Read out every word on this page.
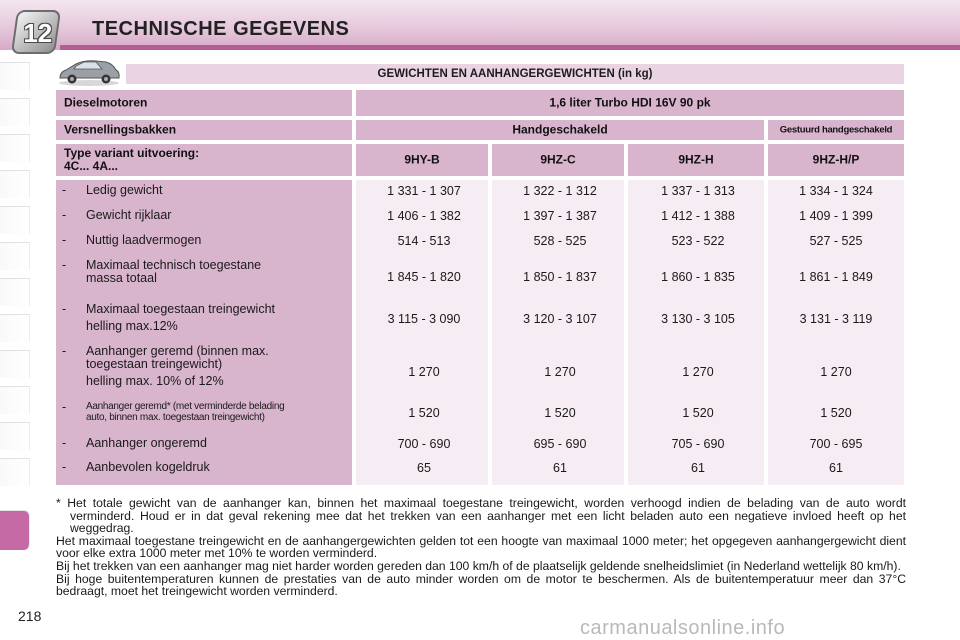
12	TECHNISCHE GEGEVENS
GEWICHTEN EN AANHANGERGEWICHTEN (in kg)
Dieselmotoren	1,6 liter Turbo HDI 16V 90 pk
Versnellingsbakken	Handgeschakeld	Gestuurd handgeschakeld
Type variant uitvoering:
4C... 4A...	9HY-B	9HZ-C	9HZ-H	9HZ-H/P
- Ledig gewicht	1 331 - 1 307	1 322 - 1 312	1 337 - 1 313	1 334 - 1 324
- Gewicht rijklaar	1 406 - 1 382	1 397 - 1 387	1 412 - 1 388	1 409 - 1 399
- Nuttig laadvermogen	514 - 513	528 - 525	523 - 522	527 - 525
- Maximaal technisch toegestane
massa totaal	1 845 - 1 820	1 850 - 1 837	1 860 - 1 835	1 861 - 1 849
- Maximaal toegestaan treingewicht
helling max.12%	3 115 - 3 090	3 120 - 3 107	3 130 - 3 105	3 131 - 3 119
- Aanhanger geremd (binnen max.
toegestaan treingewicht)
helling max. 10% of 12%
1 270	1 270	1 270	1 270
- Aanhanger geremd* (met verminderde belading
auto, binnen max. toegestaan treingewicht)	1 520	1 520	1 520	1 520
- Aanhanger ongeremd	700 - 690	695 - 690	705 - 690	700 - 695
- Aanbevolen kogeldruk	65	61	61	61

* Het totale gewicht van de aanhanger kan, binnen het maximaal toegestane treingewicht, worden verhoogd indien de belading van de auto wordt verminderd. Houd er in dat geval rekening mee dat het trekken van een aanhanger met een licht beladen auto een negatieve invloed heeft op het weggedrag.

Het maximaal toegestane treingewicht en de aanhangergewichten gelden tot een hoogte van maximaal 1000 meter; het opgegeven aanhangergewicht dient voor elke extra 1000 meter met 10% te worden verminderd.

Bij het trekken van een aanhanger mag niet harder worden gereden dan 100 km/h of de plaatselijk geldende snelheidslimiet (in Nederland wettelijk 80 km/h).

Bij hoge buitentemperaturen kunnen de prestaties van de auto minder worden om de motor te beschermen. Als de buitentemperatuur meer dan 37°C bedraagt, moet het treingewicht worden verminderd.

218
carmanualsonline.info
